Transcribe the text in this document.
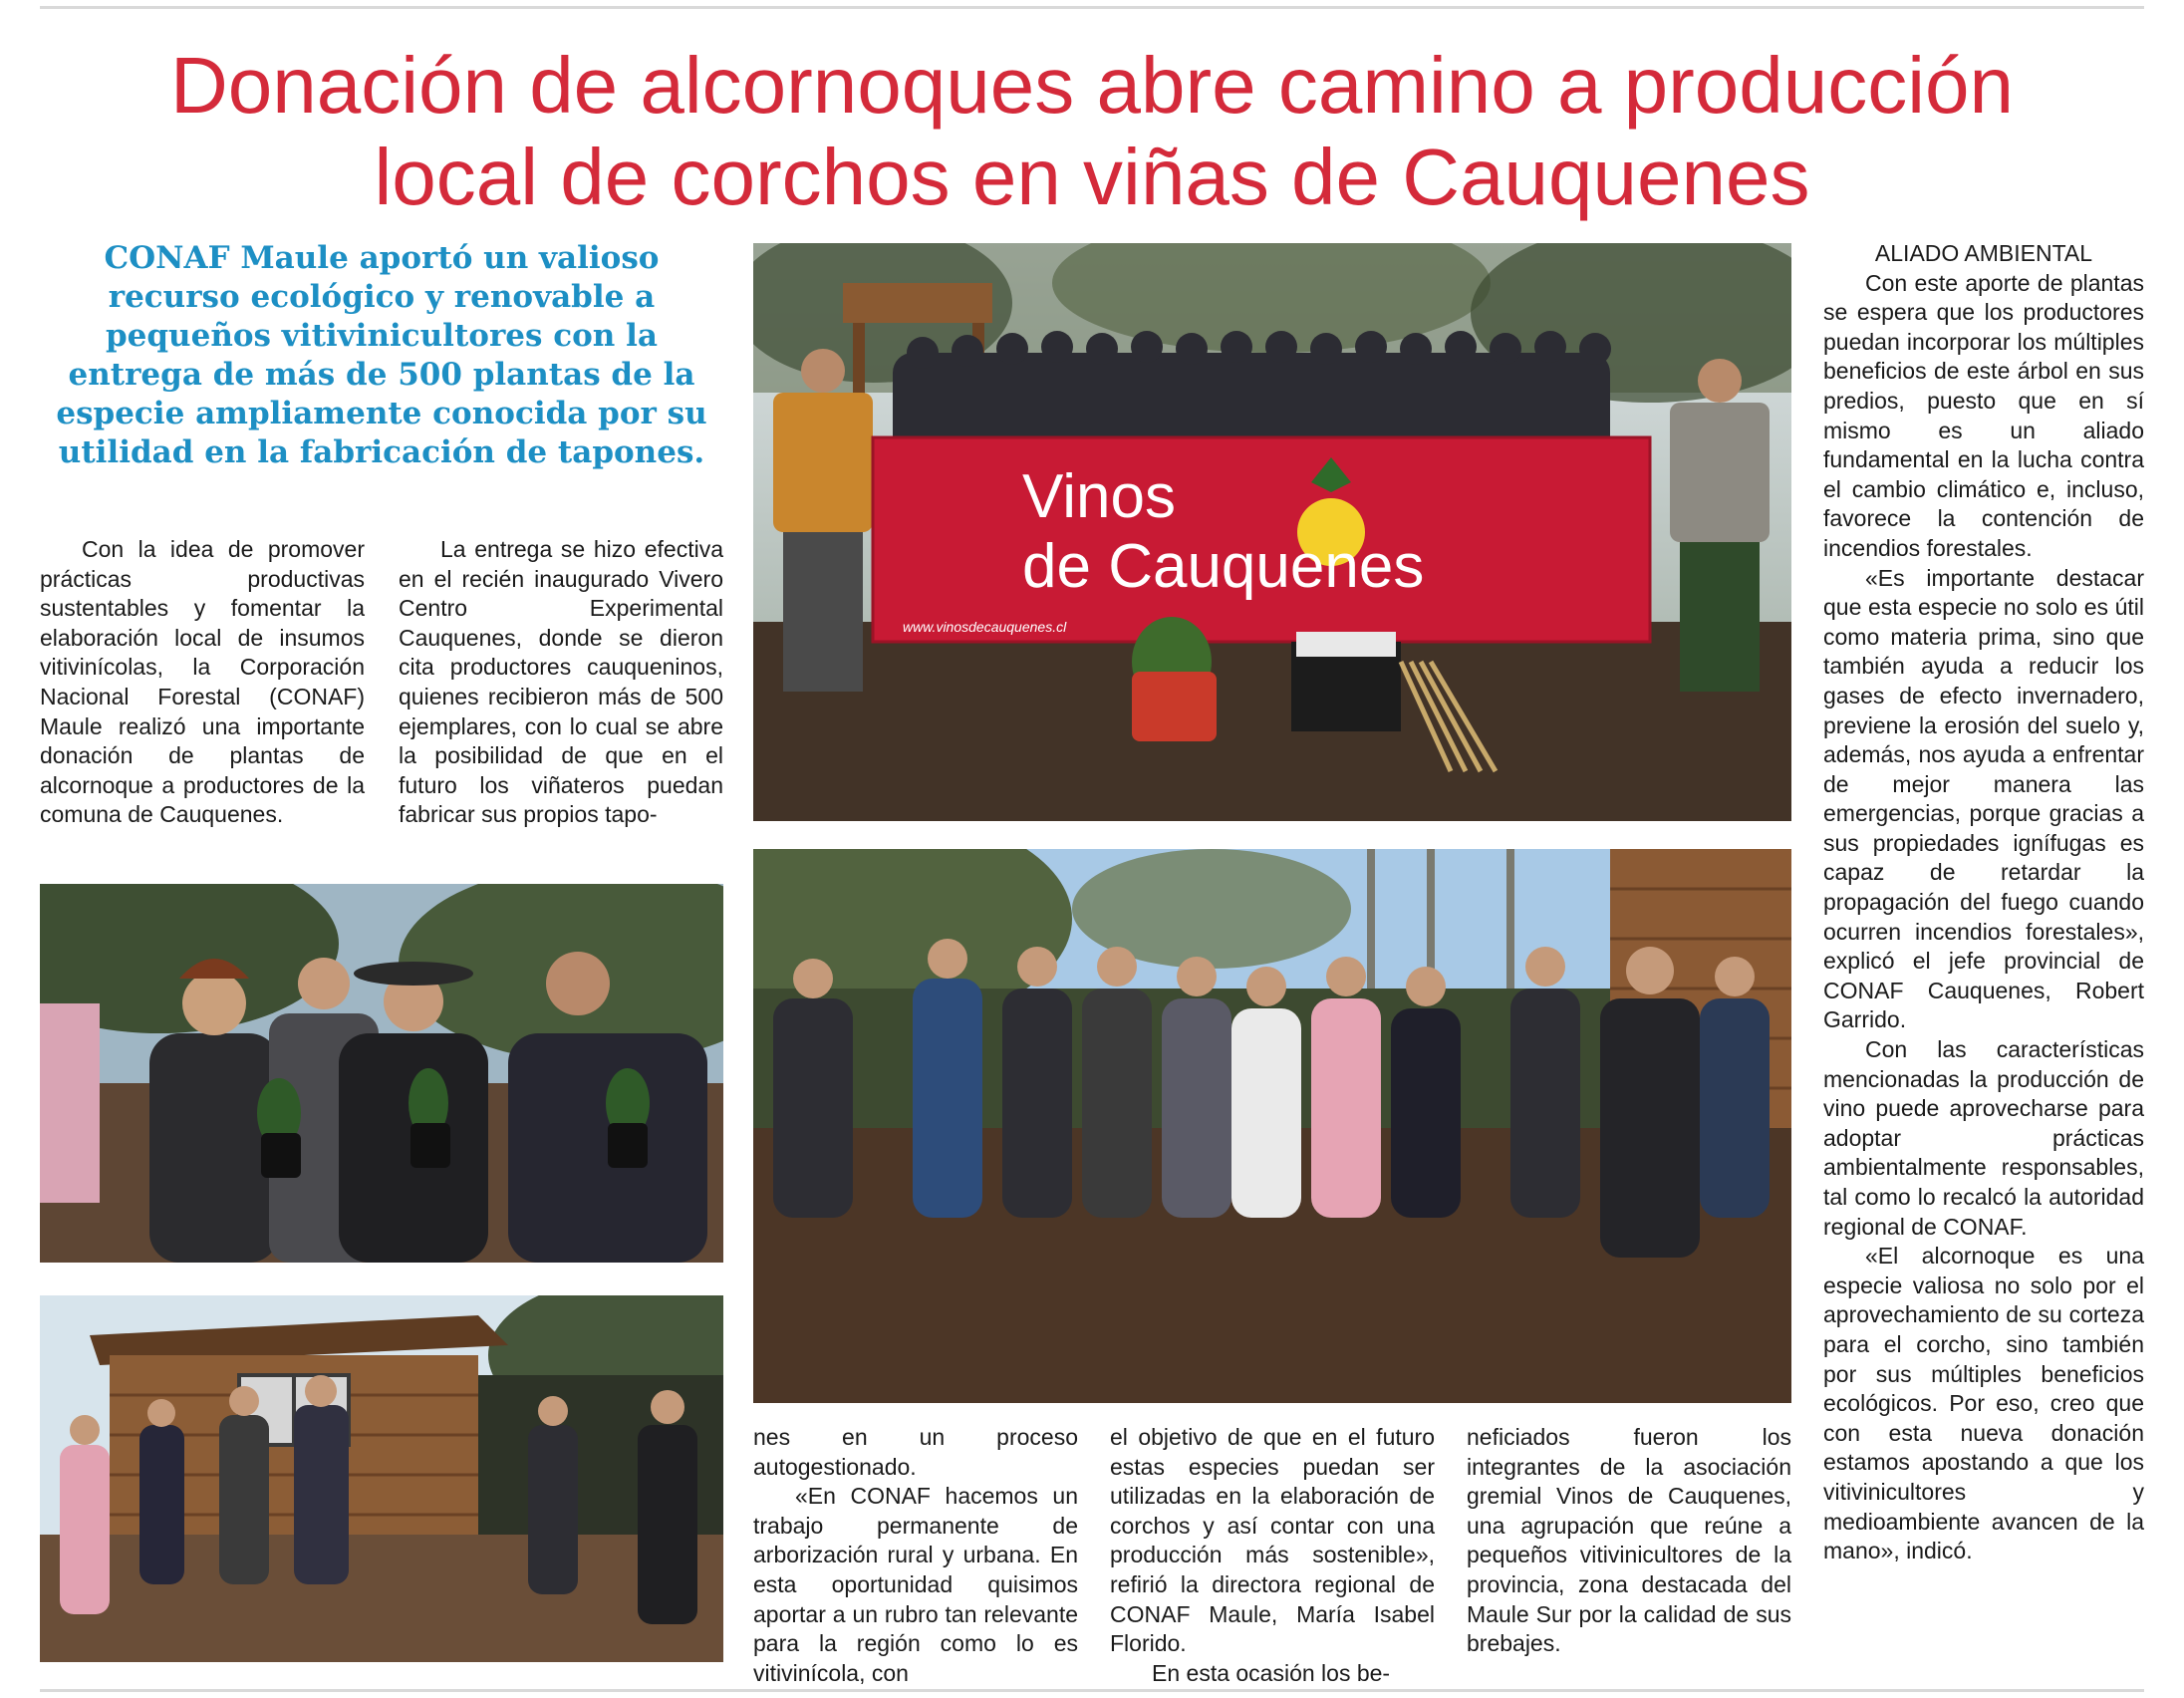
Donación de alcornoques abre camino a producción
local de corchos en viñas de Cauquenes

CONAF Maule aportó un valioso recurso ecológico y renovable a pequeños vitivinicultores con la entrega de más de 500 plantas de la especie ampliamente conocida por su utilidad en la fabricación de tapones.

Con la idea de promover prácticas productivas sustentables y fomentar la elaboración local de insumos vitivinícolas, la Corporación Nacional Forestal (CONAF) Maule realizó una importante donación de plantas de alcornoque a productores de la comuna de Cauquenes.

La entrega se hizo efectiva en el recién inaugurado Vivero Centro Experimental Cauquenes, donde se dieron cita productores cauqueninos, quienes recibieron más de 500 ejemplares, con lo cual se abre la posibilidad de que en el futuro los viñateros puedan fabricar sus propios tapo-

nes en un proceso autogestionado.

«En CONAF hacemos un trabajo permanente de arborización rural y urbana. En esta oportunidad quisimos aportar a un rubro tan relevante para la región como lo es vitivinícola, con

el objetivo de que en el futuro estas especies puedan ser utilizadas en la elaboración de corchos y así contar con una producción más sostenible», refirió la directora regional de CONAF Maule, María Isabel Florido.

En esta ocasión los be-

neficiados fueron los integrantes de la asociación gremial Vinos de Cauquenes, una agrupación que reúne a pequeños vitivinicultores de la provincia, zona destacada del Maule Sur por la calidad de sus brebajes.

ALIADO AMBIENTAL

Con este aporte de plantas se espera que los productores puedan incorporar los múltiples beneficios de este árbol en sus predios, puesto que en sí mismo es un aliado fundamental en la lucha contra el cambio climático e, incluso, favorece la contención de incendios forestales.

«Es importante destacar que esta especie no solo es útil como materia prima, sino que también ayuda a reducir los gases de efecto invernadero, previene la erosión del suelo y, además, nos ayuda a enfrentar de mejor manera las emergencias, porque gracias a sus propiedades ignífugas es capaz de retardar la propagación del fuego cuando ocurren incendios forestales», explicó el jefe provincial de CONAF Cauquenes, Robert Garrido.

Con las características mencionadas la producción de vino puede aprovecharse para adoptar prácticas ambientalmente responsables, tal como lo recalcó la autoridad regional de CONAF.

«El alcornoque es una especie valiosa no solo por el aprovechamiento de su corteza para el corcho, sino también por sus múltiples beneficios ecológicos. Por eso, creo que con esta nueva donación estamos apostando a que los vitivinicultores y medioambiente avancen de la mano», indicó.

Vinos
de Cauquenes
www.vinosdecauquenes.cl
